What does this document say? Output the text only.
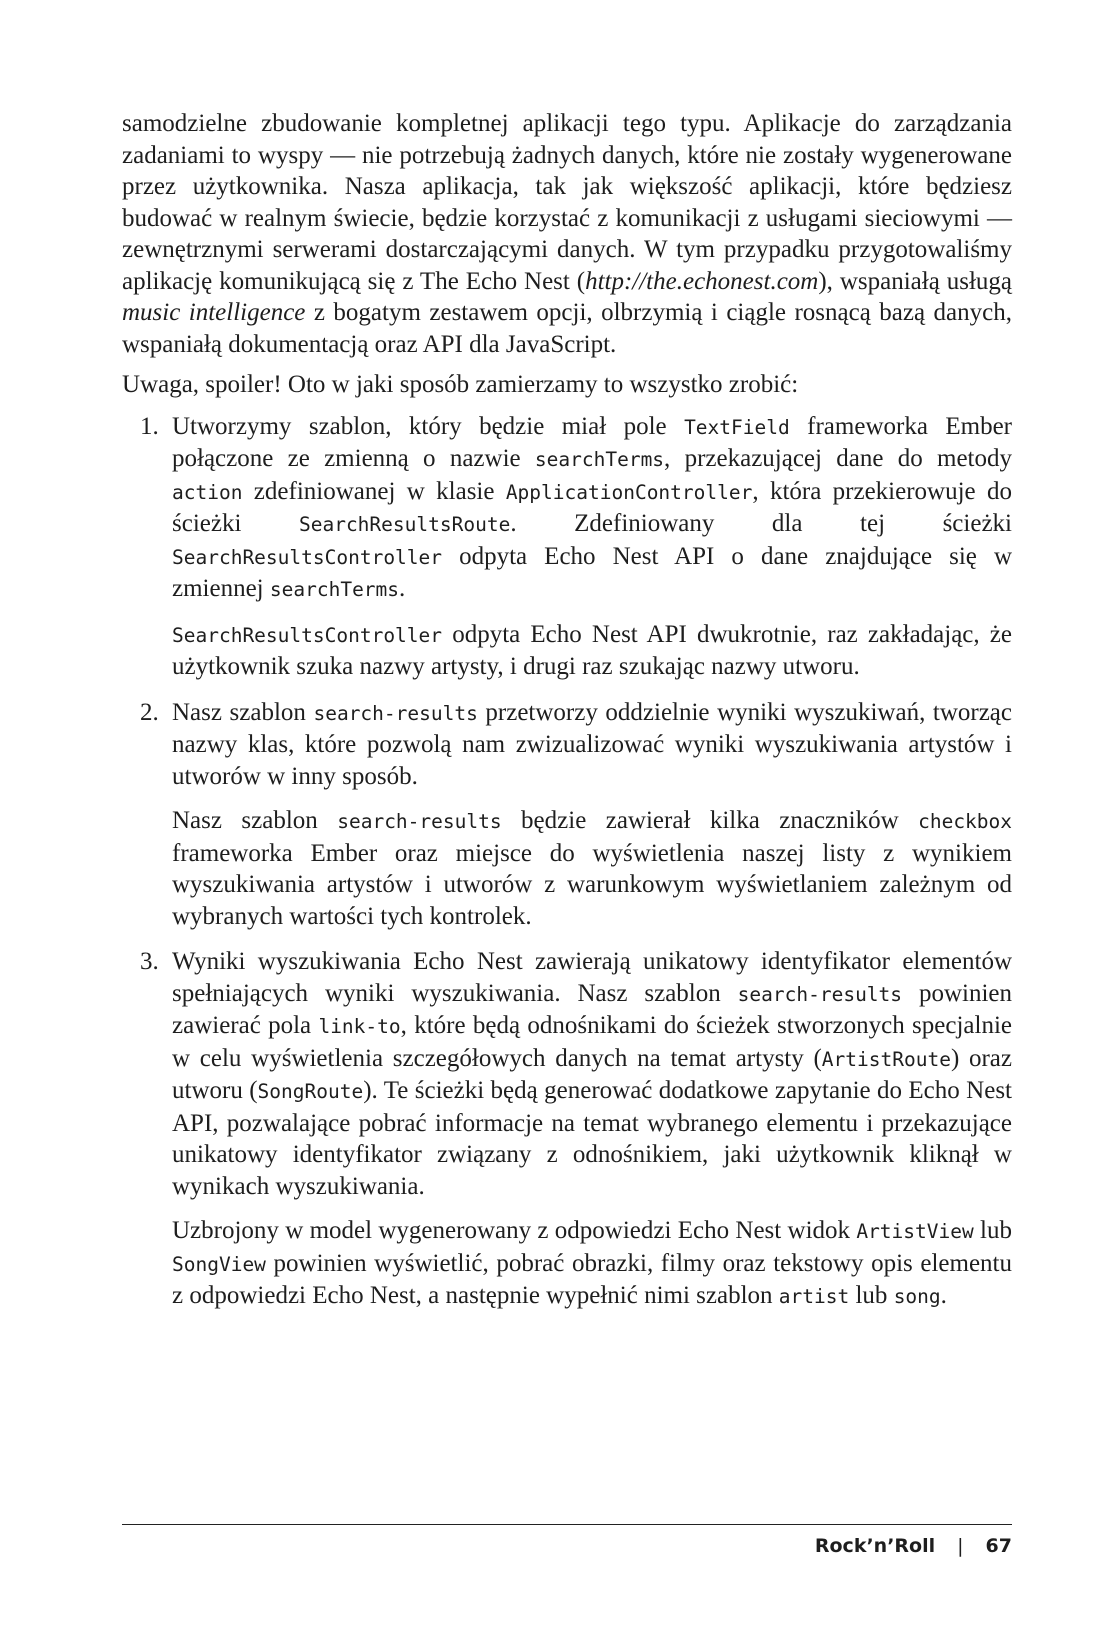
samodzielne zbudowanie kompletnej aplikacji tego typu. Aplikacje do zarządzania zadaniami to wyspy — nie potrzebują żadnych danych, które nie zostały wygenerowane przez użytkownika. Nasza aplikacja, tak jak większość aplikacji, które będziesz budować w realnym świecie, będzie korzystać z komunikacji z usługami sieciowymi — zewnętrznymi serwerami dostarczającymi danych. W tym przypadku przygotowaliśmy aplikację komunikującą się z The Echo Nest (http://the.echonest.com), wspaniałą usługą music intelligence z bogatym zestawem opcji, olbrzymią i ciągle rosnącą bazą danych, wspaniałą dokumentacją oraz API dla JavaScript.

Uwaga, spoiler! Oto w jaki sposób zamierzamy to wszystko zrobić:

1. Utworzymy szablon, który będzie miał pole TextField frameworka Ember połączone ze zmienną o nazwie searchTerms, przekazującej dane do metody action zdefiniowanej w klasie ApplicationController, która przekierowuje do ścieżki SearchResultsRoute. Zdefiniowany dla tej ścieżki SearchResultsController odpyta Echo Nest API o dane znajdujące się w zmiennej searchTerms.

SearchResultsController odpyta Echo Nest API dwukrotnie, raz zakładając, że użytkownik szuka nazwy artysty, i drugi raz szukając nazwy utworu.

2. Nasz szablon search-results przetworzy oddzielnie wyniki wyszukiwań, tworząc nazwy klas, które pozwolą nam zwizualizować wyniki wyszukiwania artystów i utworów w inny sposób.

Nasz szablon search-results będzie zawierał kilka znaczników checkbox frameworka Ember oraz miejsce do wyświetlenia naszej listy z wynikiem wyszukiwania artystów i utworów z warunkowym wyświetlaniem zależnym od wybranych wartości tych kontrolek.

3. Wyniki wyszukiwania Echo Nest zawierają unikatowy identyfikator elementów spełniających wyniki wyszukiwania. Nasz szablon search-results powinien zawierać pola link-to, które będą odnośnikami do ścieżek stworzonych specjalnie w celu wyświetlenia szczegółowych danych na temat artysty (ArtistRoute) oraz utworu (SongRoute). Te ścieżki będą generować dodatkowe zapytanie do Echo Nest API, pozwalające pobrać informacje na temat wybranego elementu i przekazujące unikatowy identyfikator związany z odnośnikiem, jaki użytkownik kliknął w wynikach wyszukiwania.

Uzbrojony w model wygenerowany z odpowiedzi Echo Nest widok ArtistView lub SongView powinien wyświetlić, pobrać obrazki, filmy oraz tekstowy opis elementu z odpowiedzi Echo Nest, a następnie wypełnić nimi szablon artist lub song.

Rock’n’Roll | 67
